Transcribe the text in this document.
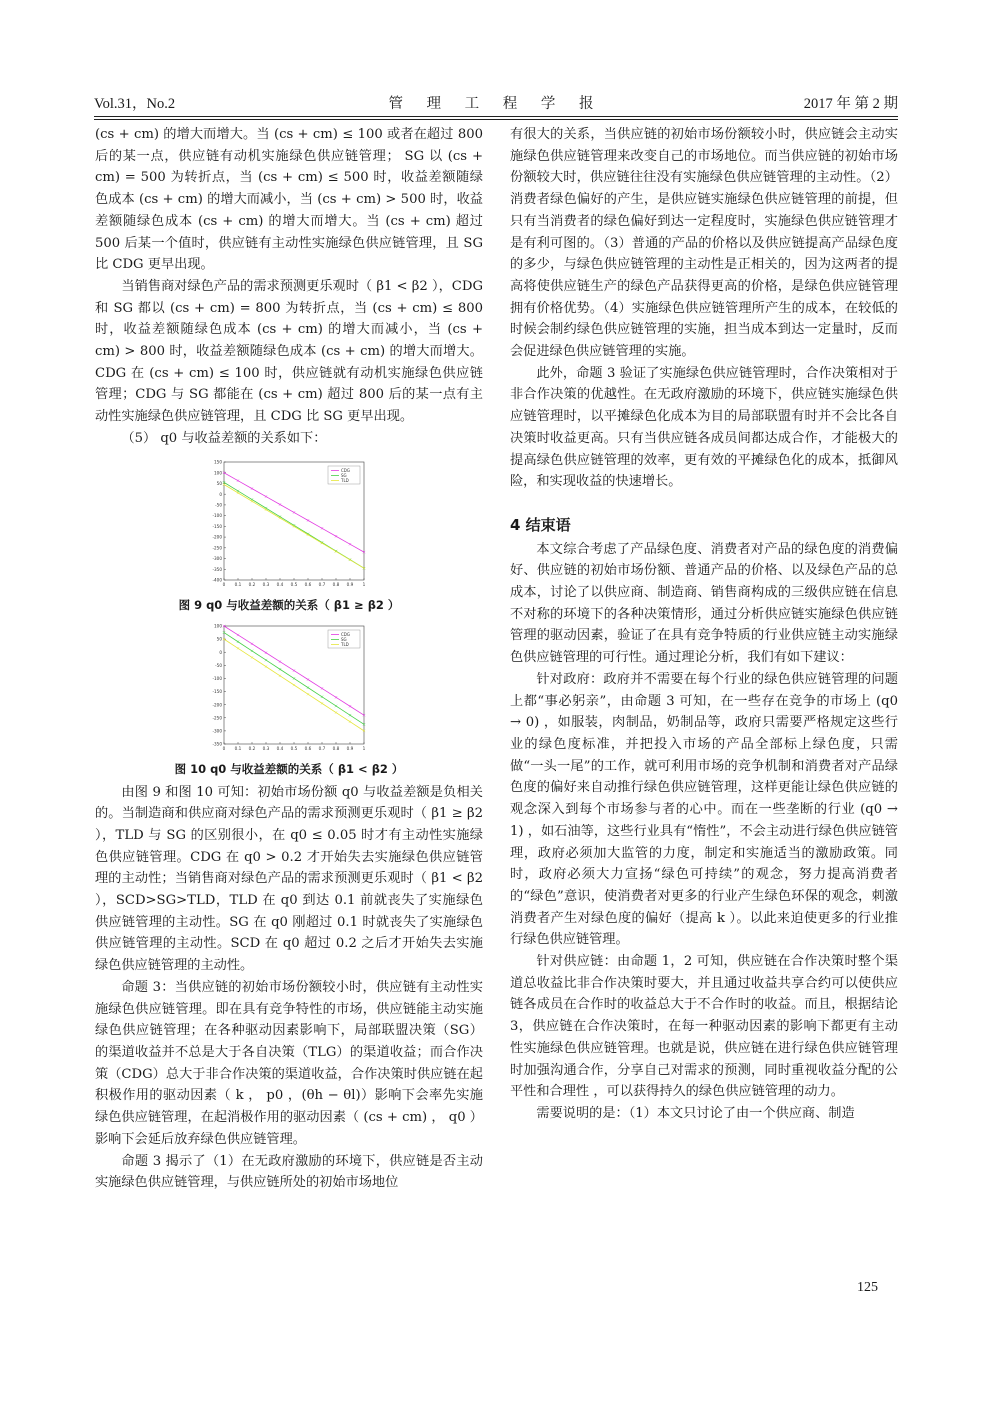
Vol.31，No.2	管 理 工 程 学 报	2017 年 第 2 期

(cs + cm) 的增大而增大。当 (cs + cm) ≤ 100 或者在超过 800 后的某一点，供应链有动机实施绿色供应链管理； SG 以 (cs + cm) = 500 为转折点，当 (cs + cm) ≤ 500 时，收益差额随绿色成本 (cs + cm) 的增大而减小，当 (cs + cm) > 500 时，收益差额随绿色成本 (cs + cm) 的增大而增大。当 (cs + cm) 超过 500 后某一个值时，供应链有主动性实施绿色供应链管理，且 SG 比 CDG 更早出现。

当销售商对绿色产品的需求预测更乐观时（ β1 < β2 ），CDG 和 SG 都以 (cs + cm) = 800 为转折点，当 (cs + cm) ≤ 800 时，收益差额随绿色成本 (cs + cm) 的增大而减小，当 (cs + cm) > 800 时，收益差额随绿色成本 (cs + cm) 的增大而增大。CDG 在 (cs + cm) ≤ 100 时，供应链就有动机实施绿色供应链管理；CDG 与 SG 都能在 (cs + cm) 超过 800 后的某一点有主动性实施绿色供应链管理，且 CDG 比 SG 更早出现。

（5） q0 与收益差额的关系如下：

150
100
50
0
-50
-100
-150
-200
-250
-300
-350
-400
0 0.1 0.2 0.3 0.4 0.5 0.6 0.7 0.8 0.9 1
CDG
SG
TLD
图 9 q0 与收益差额的关系（ β1 ≥ β2 ）
100
50
0
-50
-100
-150
-200
-250
-300
-350
0 0.1 0.2 0.3 0.4 0.5 0.6 0.7 0.8 0.9 1
CDG
SG
TLD
图 10 q0 与收益差额的关系（ β1 < β2 ）

由图 9 和图 10 可知：初始市场份额 q0 与收益差额是负相关的。当制造商和供应商对绿色产品的需求预测更乐观时（ β1 ≥ β2 ），TLD 与 SG 的区别很小，在 q0 ≤ 0.05 时才有主动性实施绿色供应链管理。CDG 在 q0 > 0.2 才开始失去实施绿色供应链管理的主动性；当销售商对绿色产品的需求预测更乐观时（ β1 < β2 ），SCD>SG>TLD，TLD 在 q0 到达 0.1 前就丧失了实施绿色供应链管理的主动性。SG 在 q0 刚超过 0.1 时就丧失了实施绿色供应链管理的主动性。SCD 在 q0 超过 0.2 之后才开始失去实施绿色供应链管理的主动性。

命题 3：当供应链的初始市场份额较小时，供应链有主动性实施绿色供应链管理。即在具有竞争特性的市场，供应链能主动实施绿色供应链管理；在各种驱动因素影响下，局部联盟决策（SG）的渠道收益并不总是大于各自决策（TLG）的渠道收益；而合作决策（CDG）总大于非合作决策的渠道收益，合作决策时供应链在起积极作用的驱动因素（ k ， p0 ，(θh − θl)）影响下会率先实施绿色供应链管理，在起消极作用的驱动因素（ (cs + cm) ， q0 ）影响下会延后放弃绿色供应链管理。

命题 3 揭示了（1）在无政府激励的环境下，供应链是否主动实施绿色供应链管理，与供应链所处的初始市场地位

有很大的关系，当供应链的初始市场份额较小时，供应链会主动实施绿色供应链管理来改变自己的市场地位。而当供应链的初始市场份额较大时，供应链往往没有实施绿色供应链管理的主动性。（2）消费者绿色偏好的产生，是供应链实施绿色供应链管理的前提，但只有当消费者的绿色偏好到达一定程度时，实施绿色供应链管理才是有利可图的。（3）普通的产品的价格以及供应链提高产品绿色度的多少，与绿色供应链管理的主动性是正相关的，因为这两者的提高将使供应链生产的绿色产品获得更高的价格，是绿色供应链管理拥有价格优势。（4）实施绿色供应链管理所产生的成本，在较低的时候会制约绿色供应链管理的实施，担当成本到达一定量时，反而会促进绿色供应链管理的实施。

此外，命题 3 验证了实施绿色供应链管理时，合作决策相对于非合作决策的优越性。在无政府激励的环境下，供应链实施绿色供应链管理时，以平摊绿色化成本为目的局部联盟有时并不会比各自决策时收益更高。只有当供应链各成员间都达成合作，才能极大的提高绿色供应链管理的效率，更有效的平摊绿色化的成本，抵御风险，和实现收益的快速增长。

4 结束语

本文综合考虑了产品绿色度、消费者对产品的绿色度的消费偏好、供应链的初始市场份额、普通产品的价格、以及绿色产品的总成本，讨论了以供应商、制造商、销售商构成的三级供应链在信息不对称的环境下的各种决策情形，通过分析供应链实施绿色供应链管理的驱动因素，验证了在具有竞争特质的行业供应链主动实施绿色供应链管理的可行性。通过理论分析，我们有如下建议：

针对政府：政府并不需要在每个行业的绿色供应链管理的问题上都“事必躬亲”，由命题 3 可知，在一些存在竞争的市场上 (q0 → 0) ，如服装，肉制品，奶制品等，政府只需要严格规定这些行业的绿色度标准，并把投入市场的产品全部标上绿色度，只需做“一头一尾”的工作，就可利用市场的竞争机制和消费者对产品绿色度的偏好来自动推行绿色供应链管理，这样更能让绿色供应链的观念深入到每个市场参与者的心中。而在一些垄断的行业 (q0 → 1) ，如石油等，这些行业具有“惰性”，不会主动进行绿色供应链管理，政府必须加大监管的力度，制定和实施适当的激励政策。同时，政府必须大力宣扬“绿色可持续”的观念，努力提高消费者的“绿色”意识，使消费者对更多的行业产生绿色环保的观念，刺激消费者产生对绿色度的偏好（提高 k ）。以此来迫使更多的行业推行绿色供应链管理。

针对供应链：由命题 1，2 可知，供应链在合作决策时整个渠道总收益比非合作决策时要大，并且通过收益共享合约可以使供应链各成员在合作时的收益总大于不合作时的收益。而且，根据结论 3，供应链在合作决策时，在每一种驱动因素的影响下都更有主动性实施绿色供应链管理。也就是说，供应链在进行绿色供应链管理时加强沟通合作，分享自己对需求的预测，同时重视收益分配的公平性和合理性 ，可以获得持久的绿色供应链管理的动力。

需要说明的是：（1）本文只讨论了由一个供应商、制造

125
